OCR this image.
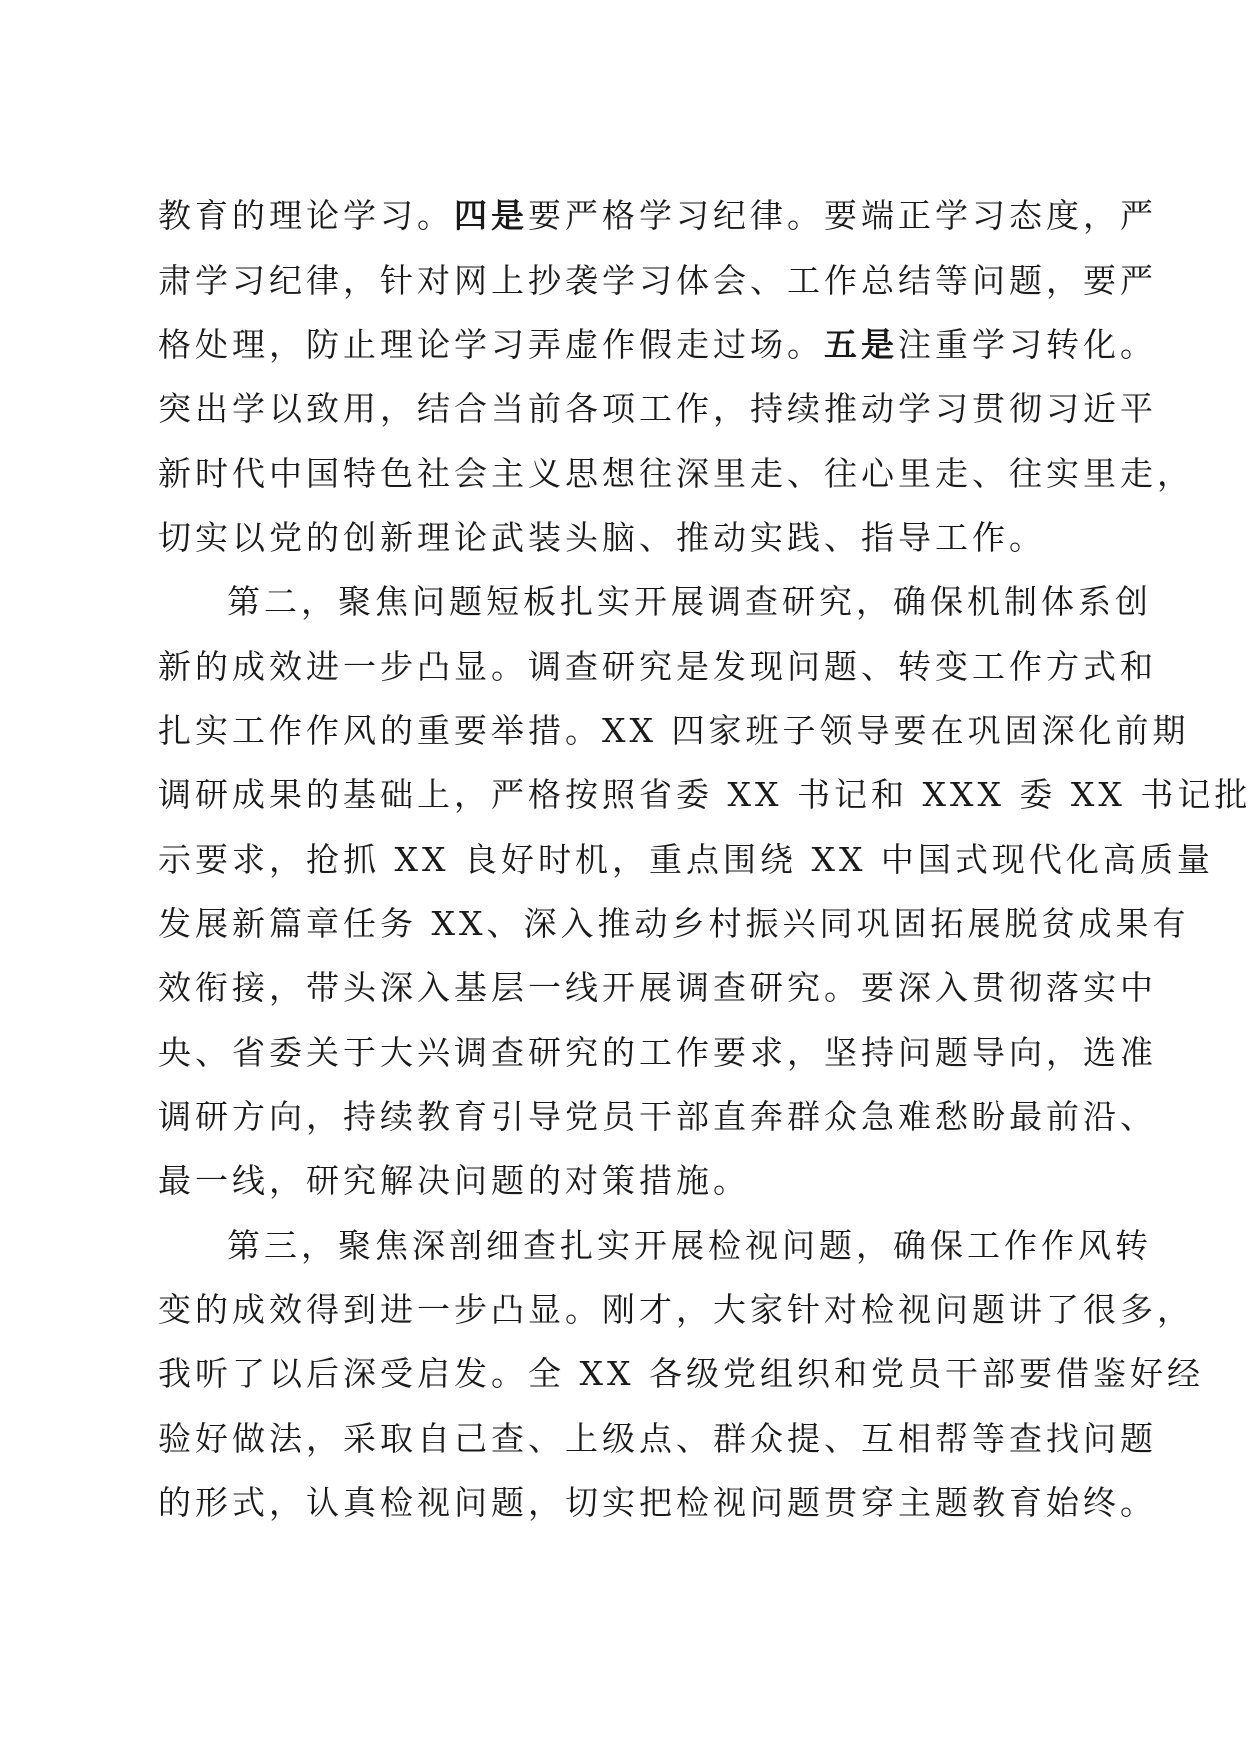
教育的理论学习。四是要严格学习纪律。要端正学习态度，严
肃学习纪律，针对网上抄袭学习体会、工作总结等问题，要严
格处理，防止理论学习弄虚作假走过场。五是注重学习转化。
突出学以致用，结合当前各项工作，持续推动学习贯彻习近平
新时代中国特色社会主义思想往深里走、往心里走、往实里走，
切实以党的创新理论武装头脑、推动实践、指导工作。
第二，聚焦问题短板扎实开展调查研究，确保机制体系创
新的成效进一步凸显。调查研究是发现问题、转变工作方式和
扎实工作作风的重要举措。XX 四家班子领导要在巩固深化前期
调研成果的基础上，严格按照省委 XX 书记和 XXX 委 XX 书记批
示要求，抢抓 XX 良好时机，重点围绕 XX 中国式现代化高质量
发展新篇章任务 XX、深入推动乡村振兴同巩固拓展脱贫成果有
效衔接，带头深入基层一线开展调查研究。要深入贯彻落实中
央、省委关于大兴调查研究的工作要求，坚持问题导向，选准
调研方向，持续教育引导党员干部直奔群众急难愁盼最前沿、
最一线，研究解决问题的对策措施。
第三，聚焦深剖细查扎实开展检视问题，确保工作作风转
变的成效得到进一步凸显。刚才，大家针对检视问题讲了很多，
我听了以后深受启发。全 XX 各级党组织和党员干部要借鉴好经
验好做法，采取自己查、上级点、群众提、互相帮等查找问题
的形式，认真检视问题，切实把检视问题贯穿主题教育始终。
